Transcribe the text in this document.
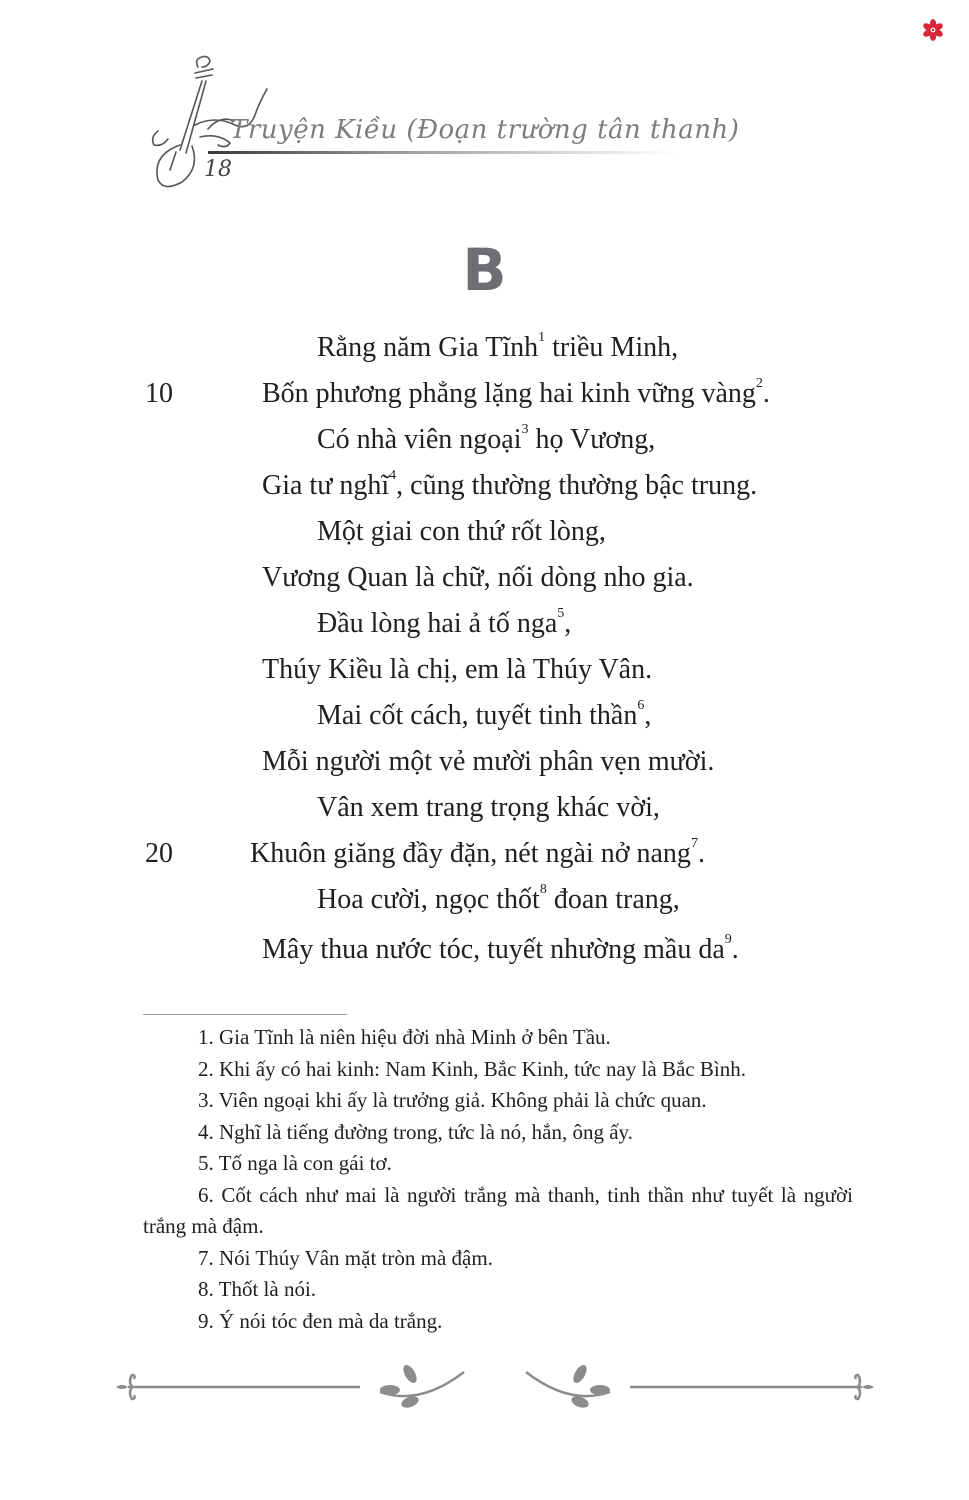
Truyện Kiều (Đoạn trường tân thanh)
18
B
Rằng năm Gia Tĩnh$^1$ triều Minh,
10	Bốn phương phẳng lặng hai kinh vững vàng$^2$.
Có nhà viên ngoại$^3$ họ Vương,
Gia tư nghĩ$^4$, cũng thường thường bậc trung.
Một giai con thứ rốt lòng,
Vương Quan là chữ, nối dòng nho gia.
Đầu lòng hai ả tố nga$^5$,
Thúy Kiều là chị, em là Thúy Vân.
Mai cốt cách, tuyết tinh thần$^6$,
Mỗi người một vẻ mười phân vẹn mười.
Vân xem trang trọng khác vời,
20	Khuôn giăng đầy đặn, nét ngài nở nang$^7$.
Hoa cười, ngọc thốt$^8$ đoan trang,
Mây thua nước tóc, tuyết nhường mầu $da^9$.
1. Gia Tĩnh là niên hiệu đời nhà Minh ở bên Tầu.
2. Khi ấy có hai kinh: Nam Kinh, Bắc Kinh, tức nay là Bắc Bình.
3. Viên ngoại khi ấy là trưởng giả. Không phải là chức quan.
4. Nghĩ là tiếng đường trong, tức là nó, hắn, ông ấy.
5. Tố nga là con gái tơ.
6. Cốt cách như mai là người trắng mà thanh, tinh thần như tuyết là người trắng mà đậm.
7. Nói Thúy Vân mặt tròn mà đậm.
8. Thốt là nói.
9. Ý nói tóc đen mà da trắng.
